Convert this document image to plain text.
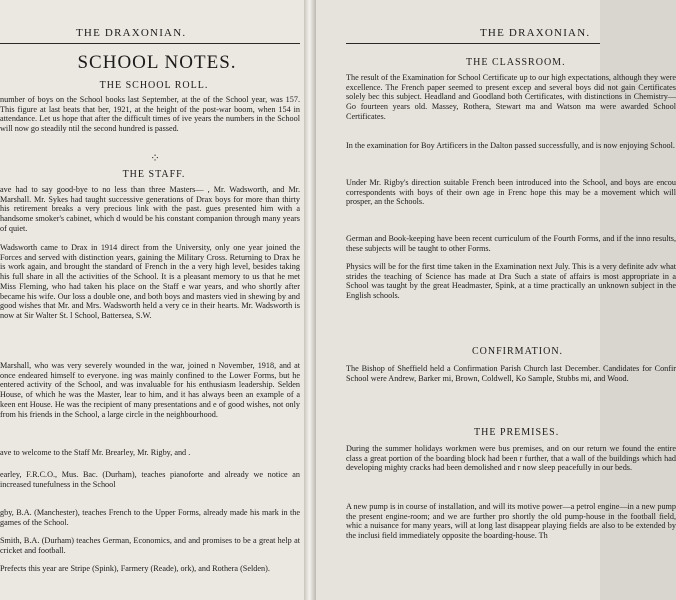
THE DRAXONIAN.
SCHOOL NOTES.
THE SCHOOL ROLL.

number of boys on the School books last September, at the of the School year, was 157. This figure at last beats that ber, 1921, at the height of the post-war boom, when 154 in attendance. Let us hope that after the difficult times of ive years the numbers in the School will now go steadily ntil the second hundred is passed.

⁘
THE STAFF.

ave had to say good-bye to no less than three Masters— , Mr. Wadsworth, and Mr. Marshall. Mr. Sykes had taught successive generations of Drax boys for more than thirty his retirement breaks a very precious link with the past. gues presented him with a handsome smoker's cabinet, which d would be his constant companion through many years of quiet.

Wadsworth came to Drax in 1914 direct from the University, only one year joined the Forces and served with distinction years, gaining the Military Cross. Returning to Drax he is work again, and brought the standard of French in the a very high level, besides taking his full share in all the activities of the School. It is a pleasant memory to us that he met Miss Fleming, who had taken his place on the Staff e war years, and who shortly after became his wife. Our loss a double one, and both boys and masters vied in shewing by and good wishes that Mr. and Mrs. Wadsworth held a very ce in their hearts. Mr. Wadsworth is now at Sir Walter St. l School, Battersea, S.W.

Marshall, who was very severely wounded in the war, joined n November, 1918, and at once endeared himself to everyone. ing was mainly confined to the Lower Forms, but he entered activity of the School, and was invaluable for his enthusiasm leadership. Selden House, of which he was the Master, lear to him, and it has always been an example of a keen ent House. He was the recipient of many presentations and e of good wishes, not only from his friends in the School, a large circle in the neighbourhood.

ave to welcome to the Staff Mr. Brearley, Mr. Rigby, and .

earley, F.R.C.O., Mus. Bac. (Durham), teaches pianoforte and already we notice an increased tunefulness in the School

gby, B.A. (Manchester), teaches French to the Upper Forms, already made his mark in the games of the School.

Smith, B.A. (Durham) teaches German, Economics, and and promises to be a great help at cricket and football.

Prefects this year are Stripe (Spink), Farmery (Reade), ork), and Rothera (Selden).

THE DRAXONIAN.
THE CLASSROOM.

The result of the Examination for School Certificate up to our high expectations, although they were excellence. The French paper seemed to present excep and several boys did not gain Certificates solely bec this subject. Headland and Goodland both Certificates, with distinctions in Chemistry—Go fourteen years old. Massey, Rothera, Stewart ma and Watson ma were awarded School Certificates.

In the examination for Boy Artificers in the Dalton passed successfully, and is now enjoying School.

Under Mr. Rigby's direction suitable French been introduced into the School, and boys are encou correspondents with boys of their own age in Frenc hope this may be a movement which will prosper, an the Schools.

German and Book-keeping have been recent curriculum of the Fourth Forms, and if the inno results, these subjects will be taught to other Forms.

Physics will be for the first time taken in the Examination next July. This is a very definite adv what strides the teaching of Science has made at Dra Such a state of affairs is most appropriate in a School was taught by the great Headmaster, Spink, at a time practically an unknown subject in the English schools.

CONFIRMATION.

The Bishop of Sheffield held a Confirmation Parish Church last December. Candidates for Confir School were Andrew, Barker mi, Brown, Coldwell, Ko Sample, Stubbs mi, and Wood.

THE PREMISES.

During the summer holidays workmen were bus premises, and on our return we found the entire class a great portion of the boarding block had been r further, that a wall of the buildings which had developing mighty cracks had been demolished and r now sleep peacefully in our beds.

A new pump is in course of installation, and will its motive power—a petrol engine—in a new pump the present engine-room; and we are further pro shortly the old pump-house in the football field, whic a nuisance for many years, will at long last disappear playing fields are also to be extended by the inclusi field immediately opposite the boarding-house. Th
